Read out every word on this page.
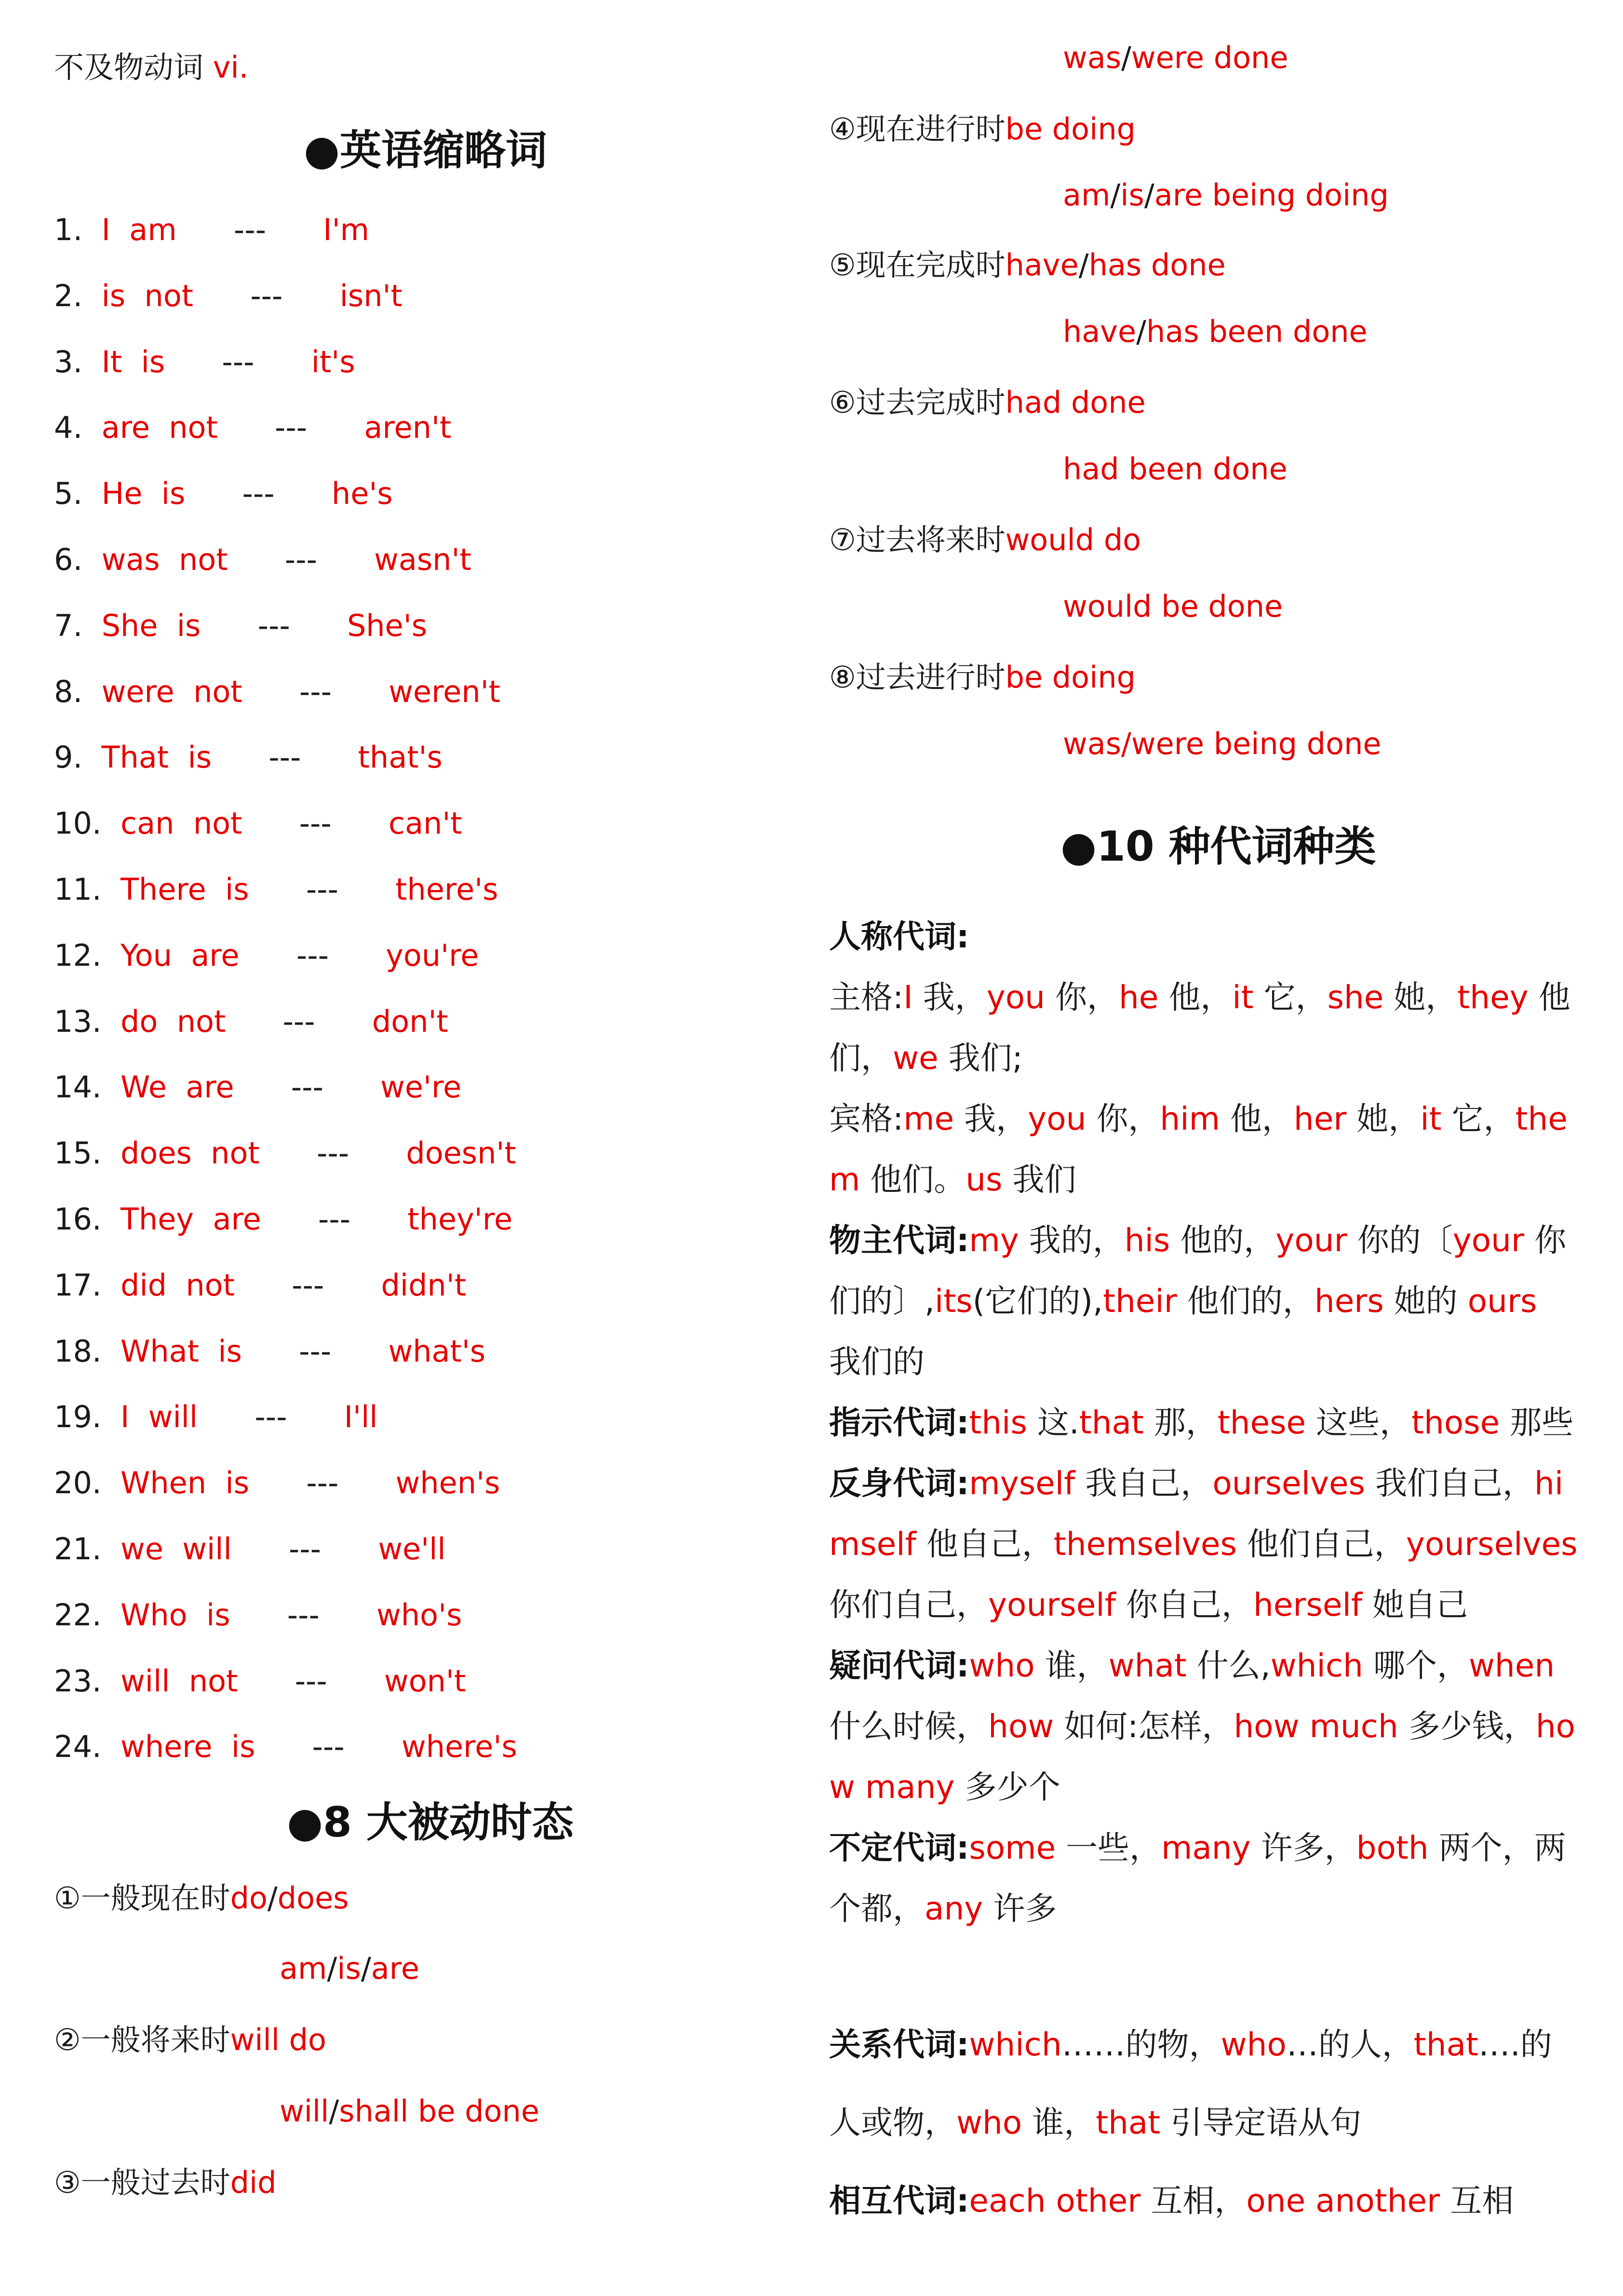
不及物动词 vi.
●英语缩略词
1. I  am --- I'm
2. is  not --- isn't
3. It  is --- it's
4. are  not --- aren't
5. He  is --- he's
6. was  not --- wasn't
7. She  is --- She's
8. were  not --- weren't
9. That  is --- that's
10. can  not --- can't
11. There  is --- there's
12. You  are --- you're
13. do  not --- don't
14. We  are --- we're
15. does  not --- doesn't
16. They  are --- they're
17. did  not --- didn't
18. What  is --- what's
19. I  will --- I'll
20. When  is --- when's
21. we  will --- we'll
22. Who  is --- who's
23. will  not --- won't
24. where  is --- where's
●8 大被动时态
①一般现在时do/does
am/is/are
②一般将来时will do
will/shall be done
③一般过去时did
was/were done
④现在进行时be doing
am/is/are being doing
⑤现在完成时have/has done
have/has been done
⑥过去完成时had done
had been done
⑦过去将来时would do
would be done
⑧过去进行时be doing
was/were being done
●10 种代词种类
人称代词:
主格:I 我，you 你，he 他，it 它，she 她，they 他们，we 我们;
宾格:me 我，you 你，him 他，her 她，it 它，them 他们。us 我们
物主代词:my 我的，his 他的，your 你的〔your 你们的〕,its(它们的),their 他们的，hers 她的 ours 我们的
指示代词:this 这.that 那，these 这些，those 那些
反身代词:myself 我自己，ourselves 我们自己，himself 他自己，themselves 他们自己，yourselves 你们自己，yourself 你自己，herself 她自己
疑问代词:who 谁，what 什么,which 哪个，when 什么时候，how 如何:怎样，how much 多少钱，how many 多少个
不定代词:some 一些，many 许多，both 两个，两个都，any 许多
关系代词:which……的物，who…的人，that….的人或物，who 谁，that 引导定语从句
相互代词:each other 互相，one another 互相
